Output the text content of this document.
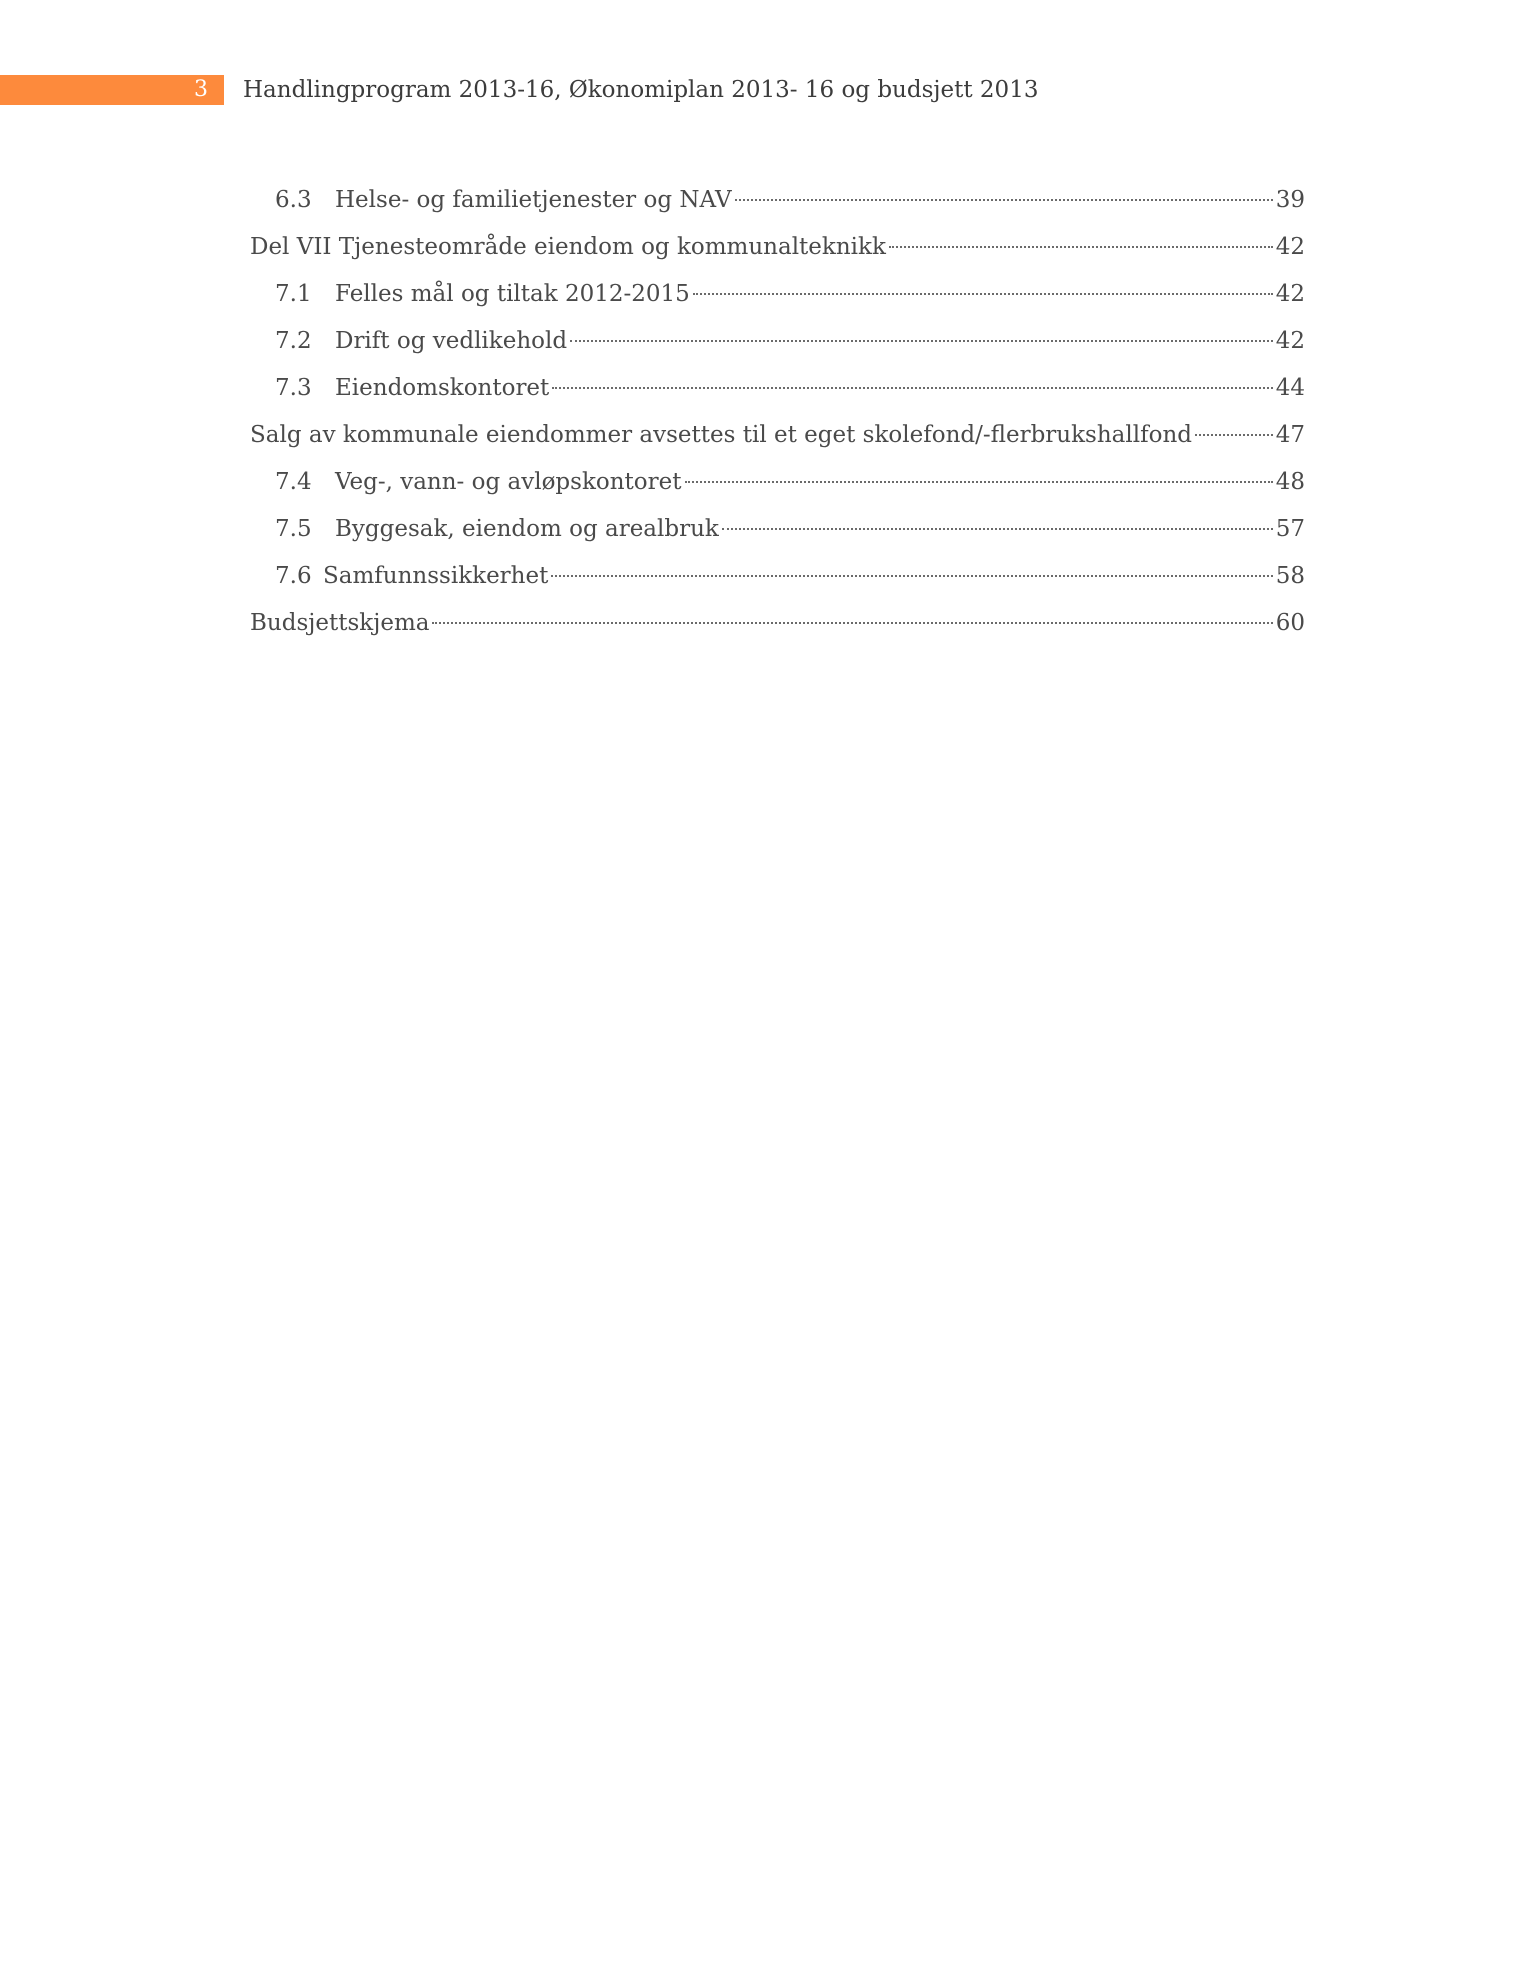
3 Handlingprogram 2013-16, Økonomiplan 2013- 16 og budsjett 2013
6.3	Helse- og familietjenester og NAV	39
Del VII Tjenesteområde eiendom og kommunalteknikk	42
7.1	Felles mål og tiltak 2012-2015	42
7.2	Drift og vedlikehold	42
7.3	Eiendomskontoret	44
Salg av kommunale eiendommer avsettes til et eget skolefond/-flerbrukshallfond	47
7.4	Veg-, vann- og avløpskontoret	48
7.5	Byggesak, eiendom og arealbruk	57
7.6 Samfunnssikkerhet	58
Budsjettskjema	60
